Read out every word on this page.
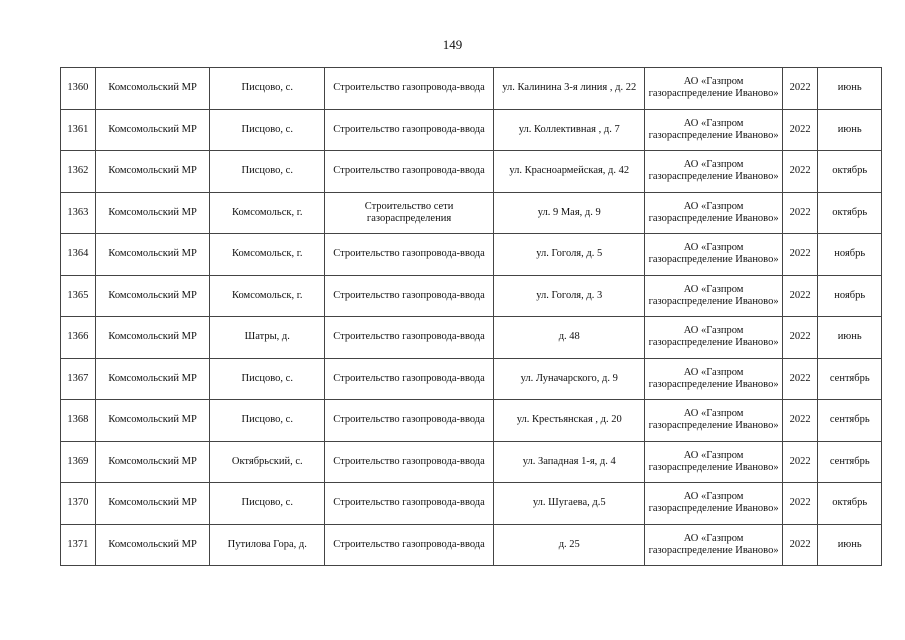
149
1360	Комсомольский МР	Писцово, с.	Строительство газопровода-ввода	ул. Калинина 3-я линия , д. 22	АО «Газпром газораспределение Иваново»	2022	июнь
1361	Комсомольский МР	Писцово, с.	Строительство газопровода-ввода	ул. Коллективная , д. 7	АО «Газпром газораспределение Иваново»	2022	июнь
1362	Комсомольский МР	Писцово, с.	Строительство газопровода-ввода	ул. Красноармейская, д. 42	АО «Газпром газораспределение Иваново»	2022	октябрь
1363	Комсомольский МР	Комсомольск, г.	Строительство сети газораспределения	ул. 9 Мая, д. 9	АО «Газпром газораспределение Иваново»	2022	октябрь
1364	Комсомольский МР	Комсомольск, г.	Строительство газопровода-ввода	ул. Гоголя, д. 5	АО «Газпром газораспределение Иваново»	2022	ноябрь
1365	Комсомольский МР	Комсомольск, г.	Строительство газопровода-ввода	ул. Гоголя, д. 3	АО «Газпром газораспределение Иваново»	2022	ноябрь
1366	Комсомольский МР	Шатры, д.	Строительство газопровода-ввода	д. 48	АО «Газпром газораспределение Иваново»	2022	июнь
1367	Комсомольский МР	Писцово, с.	Строительство газопровода-ввода	ул. Луначарского, д. 9	АО «Газпром газораспределение Иваново»	2022	сентябрь
1368	Комсомольский МР	Писцово, с.	Строительство газопровода-ввода	ул. Крестьянская , д. 20	АО «Газпром газораспределение Иваново»	2022	сентябрь
1369	Комсомольский МР	Октябрьский, с.	Строительство газопровода-ввода	ул. Западная 1-я, д. 4	АО «Газпром газораспределение Иваново»	2022	сентябрь
1370	Комсомольский МР	Писцово, с.	Строительство газопровода-ввода	ул. Шугаева, д.5	АО «Газпром газораспределение Иваново»	2022	октябрь
1371	Комсомольский МР	Путилова Гора, д.	Строительство газопровода-ввода	д. 25	АО «Газпром газораспределение Иваново»	2022	июнь
